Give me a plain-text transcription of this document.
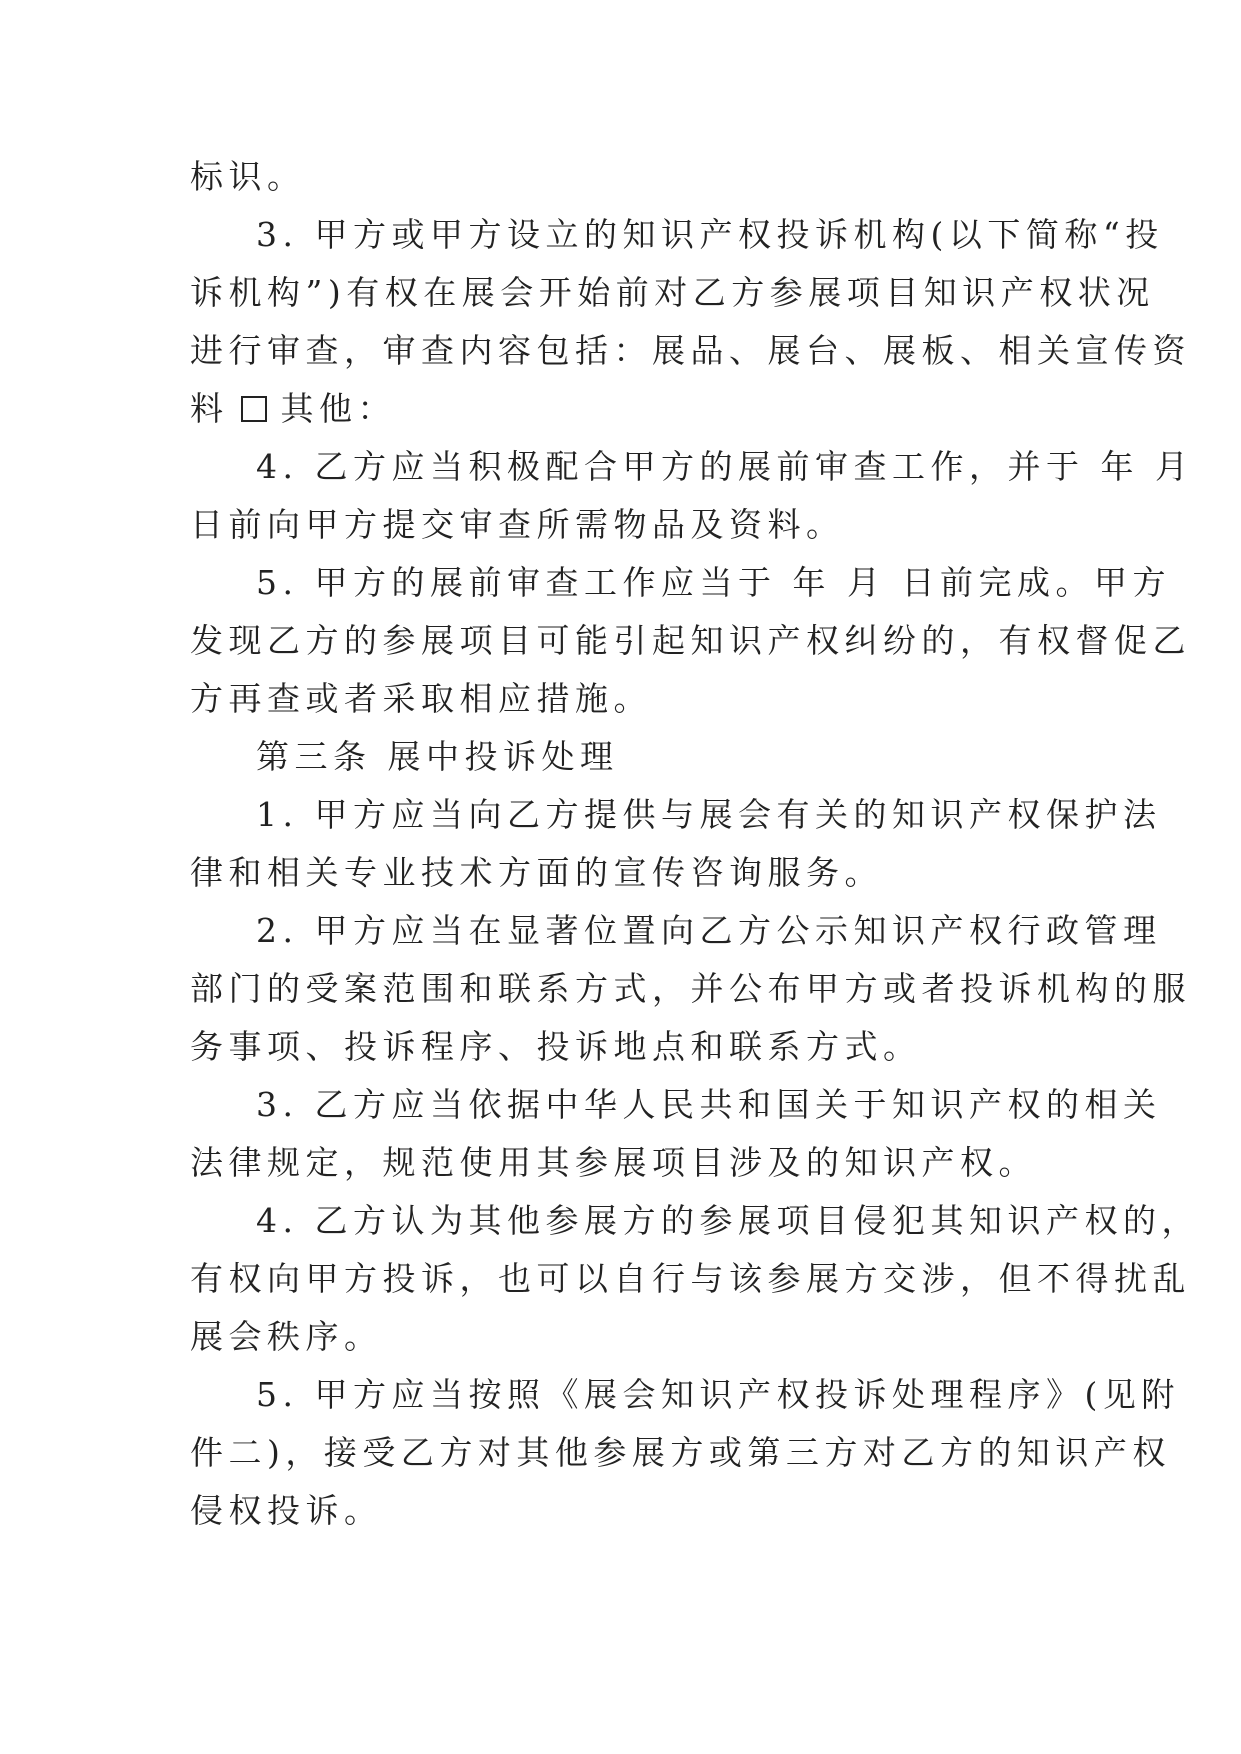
标识。
3. 甲方或甲方设立的知识产权投诉机构(以下简称“投
诉机构”)有权在展会开始前对乙方参展项目知识产权状况
进行审查，审查内容包括：展品、展台、展板、相关宣传资
料 其他：
4. 乙方应当积极配合甲方的展前审查工作，并于 年 月
日前向甲方提交审查所需物品及资料。
5. 甲方的展前审查工作应当于 年 月 日前完成。甲方
发现乙方的参展项目可能引起知识产权纠纷的，有权督促乙
方再查或者采取相应措施。
第三条 展中投诉处理
1. 甲方应当向乙方提供与展会有关的知识产权保护法
律和相关专业技术方面的宣传咨询服务。
2. 甲方应当在显著位置向乙方公示知识产权行政管理
部门的受案范围和联系方式，并公布甲方或者投诉机构的服
务事项、投诉程序、投诉地点和联系方式。
3. 乙方应当依据中华人民共和国关于知识产权的相关
法律规定，规范使用其参展项目涉及的知识产权。
4. 乙方认为其他参展方的参展项目侵犯其知识产权的，
有权向甲方投诉，也可以自行与该参展方交涉，但不得扰乱
展会秩序。
5. 甲方应当按照《展会知识产权投诉处理程序》(见附
件二)，接受乙方对其他参展方或第三方对乙方的知识产权
侵权投诉。
